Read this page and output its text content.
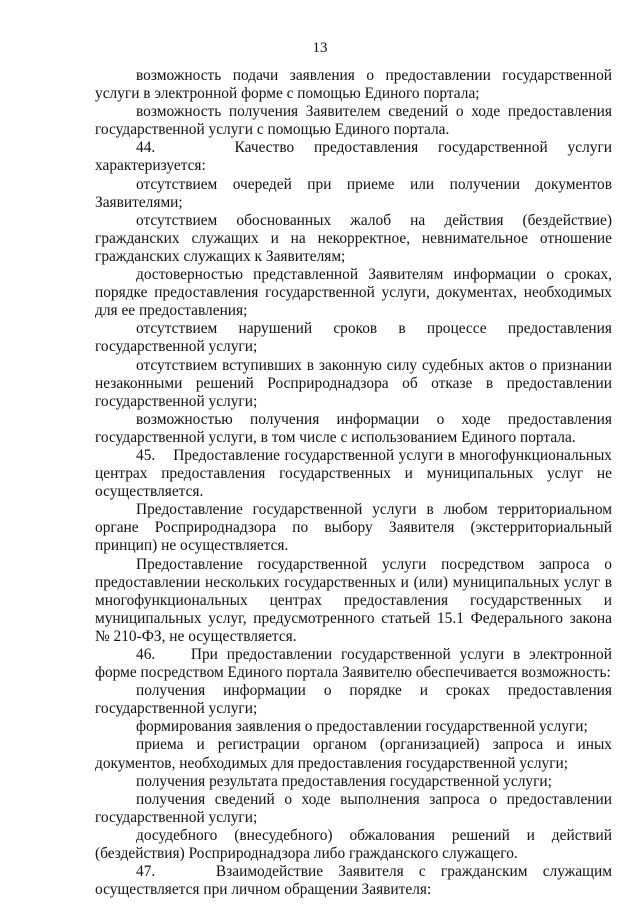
13

возможность подачи заявления о предоставлении государственной услуги в электронной форме с помощью Единого портала;

возможность получения Заявителем сведений о ходе предоставления государственной услуги с помощью Единого портала.

44.    Качество предоставления государственной услуги характеризуется:

отсутствием очередей при приеме или получении документов Заявителями;

отсутствием обоснованных жалоб на действия (бездействие) гражданских служащих и на некорректное, невнимательное отношение гражданских служащих к Заявителям;

достоверностью представленной Заявителям информации о сроках, порядке предоставления государственной услуги, документах, необходимых для ее предоставления;

отсутствием нарушений сроков в процессе предоставления государственной услуги;

отсутствием вступивших в законную силу судебных актов о признании незаконными решений Росприроднадзора об отказе в предоставлении государственной услуги;

возможностью получения информации о ходе предоставления государственной услуги, в том числе с использованием Единого портала.

45.    Предоставление государственной услуги в многофункциональных центрах предоставления государственных и муниципальных услуг не осуществляется.

Предоставление государственной услуги в любом территориальном органе Росприроднадзора по выбору Заявителя (экстерриториальный принцип) не осуществляется.

Предоставление государственной услуги посредством запроса о предоставлении нескольких государственных и (или) муниципальных услуг в многофункциональных центрах предоставления государственных и муниципальных услуг, предусмотренного статьей 15.1 Федерального закона № 210-ФЗ, не осуществляется.

46.    При предоставлении государственной услуги в электронной форме посредством Единого портала Заявителю обеспечивается возможность:

получения информации о порядке и сроках предоставления государственной услуги;

формирования заявления о предоставлении государственной услуги;

приема и регистрации органом (организацией) запроса и иных документов, необходимых для предоставления государственной услуги;

получения результата предоставления государственной услуги;

получения сведений о ходе выполнения запроса о предоставлении государственной услуги;

досудебного (внесудебного) обжалования решений и действий (бездействия) Росприроднадзора либо гражданского служащего.

47.    Взаимодействие Заявителя с гражданским служащим осуществляется при личном обращении Заявителя:
